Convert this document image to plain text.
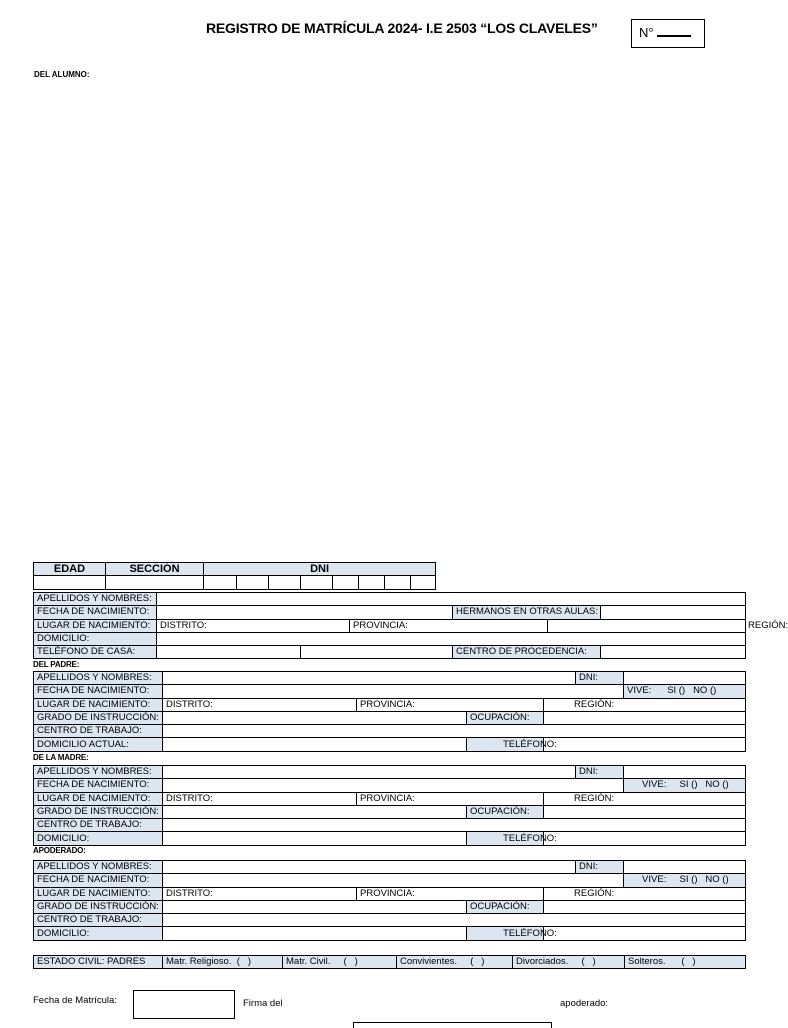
REGISTRO DE MATRÍCULA 2024- I.E 2503 “LOS CLAVELES”	N°
DEL ALUMNO:
EDAD	SECCIÓN	DNI							

APELLIDOS Y NOMBRES:						
FECHA DE NACIMIENTO:				HERMANOS EN OTRAS AULAS:		
LUGAR DE NACIMIENTO:	DISTRITO:		PROVINCIA:		REGIÓN:	
DOMICILIO:						
TELÉFONO DE CASA:				CENTRO DE PROCEDENCIA:		
DEL PADRE:
APELLIDOS Y NOMBRES:					DNI:	
FECHA DE NACIMIENTO:						VIVE: SI () NO ()
LUGAR DE NACIMIENTO:	DISTRITO:	PROVINCIA:		REGIÓN:		
GRADO DE INSTRUCCIÓN:			OCUPACIÓN:			
CENTRO DE TRABAJO:						
DOMICILIO ACTUAL:			TELÉFONO:			
DE LA MADRE:
APELLIDOS Y NOMBRES:					DNI:	
FECHA DE NACIMIENTO:						VIVE: SI () NO ()
LUGAR DE NACIMIENTO:	DISTRITO:	PROVINCIA:		REGIÓN:		
GRADO DE INSTRUCCIÓN:			OCUPACIÓN:			
CENTRO DE TRABAJO:						
DOMICILIO:			TELÉFONO:			
APODERADO:
APELLIDOS Y NOMBRES:					DNI:	
FECHA DE NACIMIENTO:						VIVE: SI () NO ()
LUGAR DE NACIMIENTO:	DISTRITO:	PROVINCIA:		REGIÓN:		
GRADO DE INSTRUCCIÓN:			OCUPACIÓN:			
CENTRO DE TRABAJO:						
DOMICILIO:			TELÉFONO:			
ESTADO CIVIL: PADRES	Matr. Religioso.  (   )	Matr. Civil.     (   )	Convivientes.     (   )	Divorciados.     (   )	Solteros.      (   )
Fecha de Matrícula:	Firma del	apoderado:
